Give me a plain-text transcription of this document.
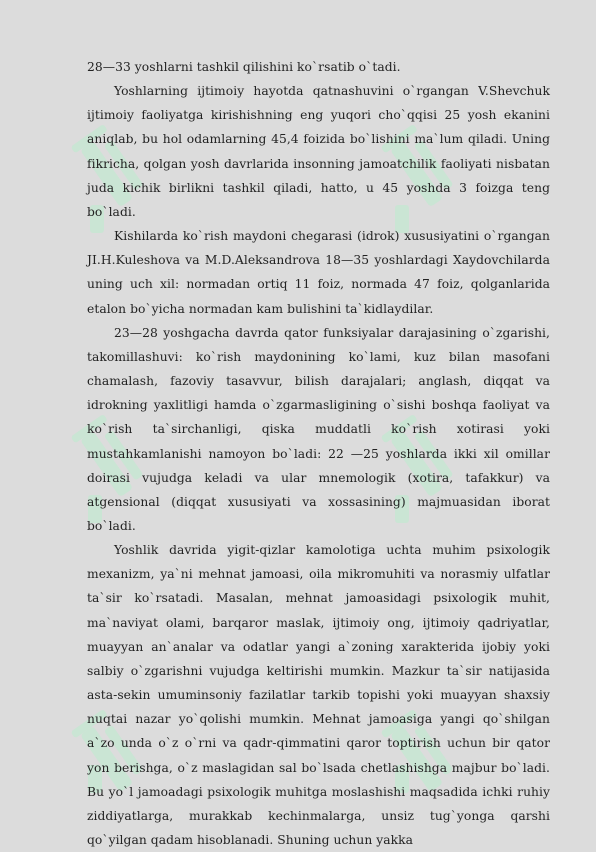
28—33 yoshlarni tashkil qilishini ko`rsatib o`tadi.

Yoshlarning ijtimoiy hayotda qatnashuvini o`rgangan V.Shevchuk ijtimoiy faoliyatga kirishishning eng yuqori cho`qqisi 25 yosh ekanini aniqlab, bu hol odamlarning 45,4 foizida bo`lishini ma`lum qiladi. Uning fikricha, qolgan yosh davrlarida insonning jamoatchilik faoliyati nisbatan juda kichik birlikni tashkil qiladi, hatto, u 45 yoshda 3 foizga teng bo`ladi.

Kishilarda ko`rish maydoni chegarasi (idrok) xususiyatini o`rgangan JI.H.Kuleshova va M.D.Aleksandrova 18—35 yoshlardagi Xaydovchilarda uning uch xil: normadan ortiq 11 foiz, normada 47 foiz, qolganlarida etalon bo`yicha normadan kam bulishini ta`kidlaydilar.

23—28 yoshgacha davrda qator funksiyalar darajasining o`zgarishi, takomillashuvi: ko`rish maydonining ko`lami, kuz bilan masofani chamalash, fazoviy tasavvur, bilish darajalari; anglash, diqqat va idrokning yaxlitligi hamda o`zgarmasligining o`sishi boshqa faoliyat va ko`rish ta`sirchanligi, qiska muddatli ko`rish xotirasi yoki mustahkamlanishi namoyon bo`ladi: 22 —25 yoshlarda ikki xil omillar doirasi vujudga keladi va ular mnemologik (xotira, tafakkur) va atgensional (diqqat xususiyati va xossasining) majmuasidan iborat bo`ladi.

Yoshlik davrida yigit-qizlar kamolotiga uchta muhim psixologik mexanizm, ya`ni mehnat jamoasi, oila mikromuhiti va norasmiy ulfatlar ta`sir ko`rsatadi. Masalan, mehnat jamoasidagi psixologik muhit, ma`naviyat olami, barqaror maslak, ijtimoiy ong, ijtimoiy qadriyatlar, muayyan an`analar va odatlar yangi a`zoning xarakterida ijobiy yoki salbiy o`zgarishni vujudga keltirishi mumkin. Mazkur ta`sir natijasida asta-sekin umuminsoniy fazilatlar tarkib topishi yoki muayyan shaxsiy nuqtai nazar yo`qolishi mumkin. Mehnat jamoasiga yangi qo`shilgan a`zo unda o`z o`rni va qadr-qimmatini qaror toptirish uchun bir qator yon berishga, o`z maslagidan sal bo`lsada chetlashishga majbur bo`ladi. Bu yo`l jamoadagi psixologik muhitga moslashishi maqsadida ichki ruhiy ziddiyatlarga, murakkab kechinmalarga, unsiz tug`yonga qarshi qo`yilgan qadam hisoblanadi. Shuning uchun yakka
